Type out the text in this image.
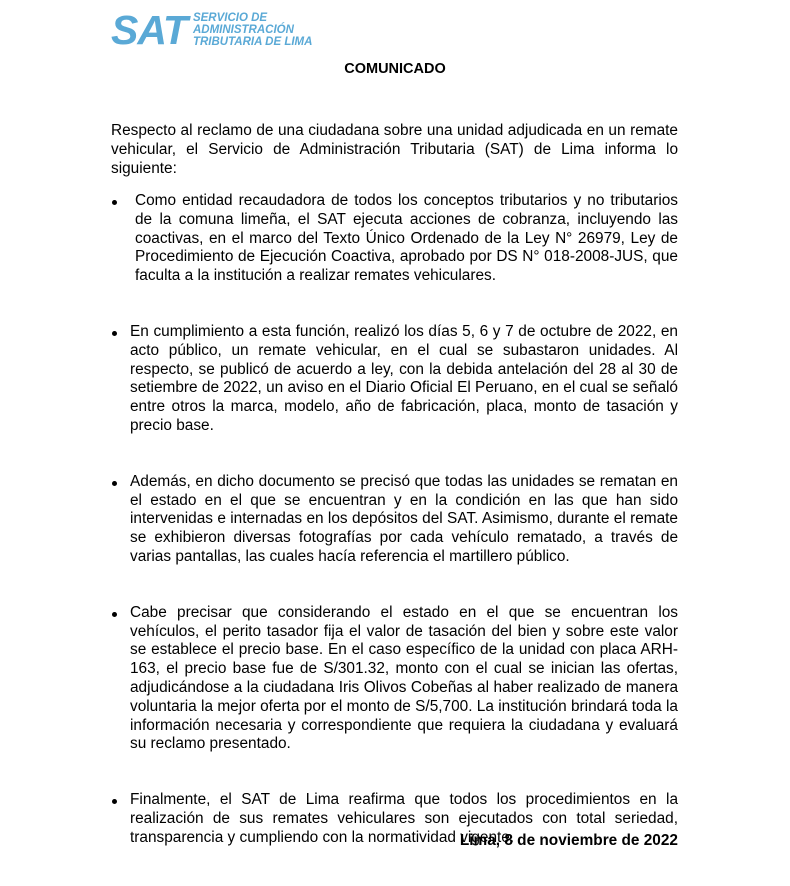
SAT SERVICIO DE
ADMINISTRACIÓN
TRIBUTARIA DE LIMA
COMUNICADO

Respecto al reclamo de una ciudadana sobre una unidad adjudicada en un remate vehicular, el Servicio de Administración Tributaria (SAT) de Lima informa lo siguiente:

Como entidad recaudadora de todos los conceptos tributarios y no tributarios de la comuna limeña, el SAT ejecuta acciones de cobranza, incluyendo las coactivas, en el marco del Texto Único Ordenado de la Ley N° 26979, Ley de Procedimiento de Ejecución Coactiva, aprobado por DS N° 018-2008-JUS, que faculta a la institución a realizar remates vehiculares.
En cumplimiento a esta función, realizó los días 5, 6 y 7 de octubre de 2022, en acto público, un remate vehicular, en el cual se subastaron unidades. Al respecto, se publicó de acuerdo a ley, con la debida antelación del 28 al 30 de setiembre de 2022, un aviso en el Diario Oficial El Peruano, en el cual se señaló entre otros la marca, modelo, año de fabricación, placa, monto de tasación y precio base.
Además, en dicho documento se precisó que todas las unidades se rematan en el estado en el que se encuentran y en la condición en las que han sido intervenidas e internadas en los depósitos del SAT. Asimismo, durante el remate se exhibieron diversas fotografías por cada vehículo rematado, a través de varias pantallas, las cuales hacía referencia el martillero público.
Cabe precisar que considerando el estado en el que se encuentran los vehículos, el perito tasador fija el valor de tasación del bien y sobre este valor se establece el precio base. En el caso específico de la unidad con placa ARH-163, el precio base fue de S/301.32, monto con el cual se inician las ofertas, adjudicándose a la ciudadana Iris Olivos Cobeñas al haber realizado de manera voluntaria la mejor oferta por el monto de S/5,700. La institución brindará toda la información necesaria y correspondiente que requiera la ciudadana y evaluará su reclamo presentado.
Finalmente, el SAT de Lima reafirma que todos los procedimientos en la realización de sus remates vehiculares son ejecutados con total seriedad, transparencia y cumpliendo con la normatividad vigente.
Lima, 8 de noviembre de 2022
